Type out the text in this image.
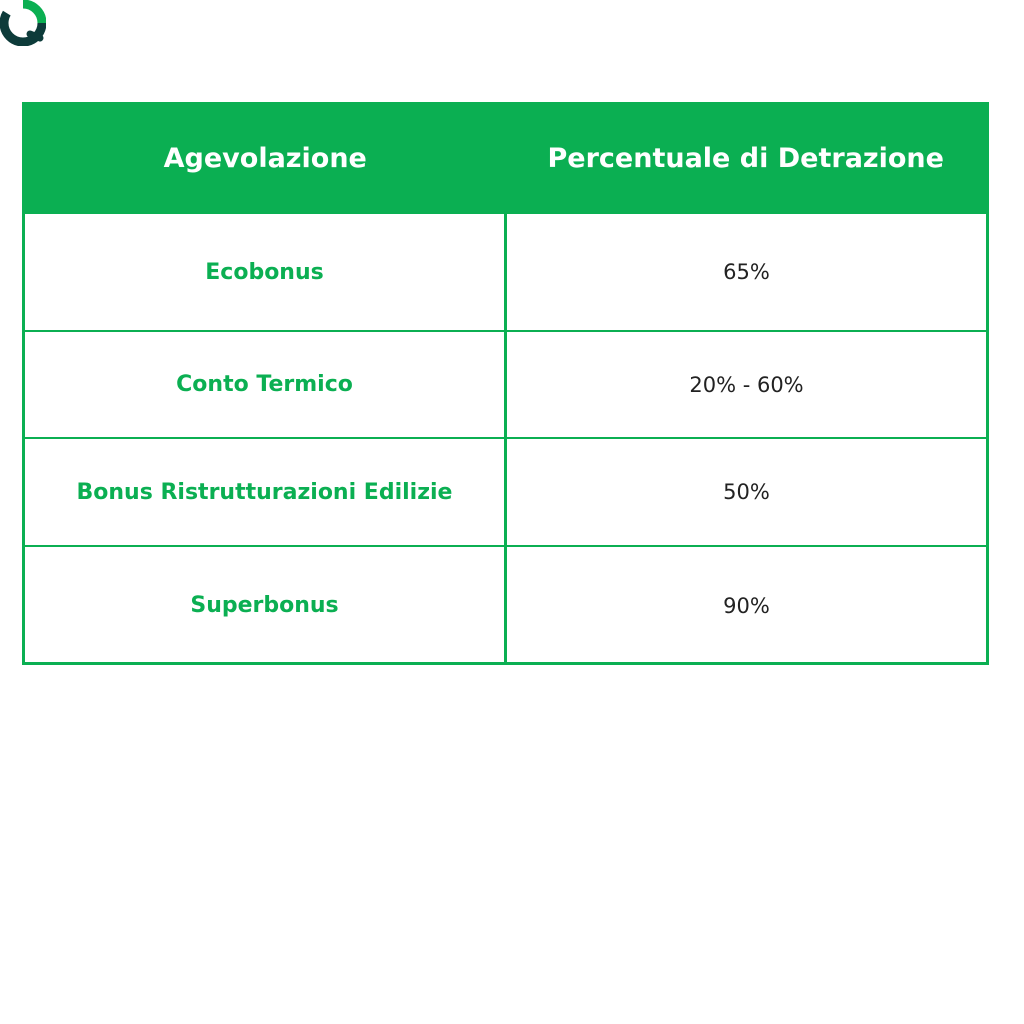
Agevolazione	Percentuale di Detrazione
Ecobonus	65%
Conto Termico	20% - 60%
Bonus Ristrutturazioni Edilizie	50%
Superbonus	90%
